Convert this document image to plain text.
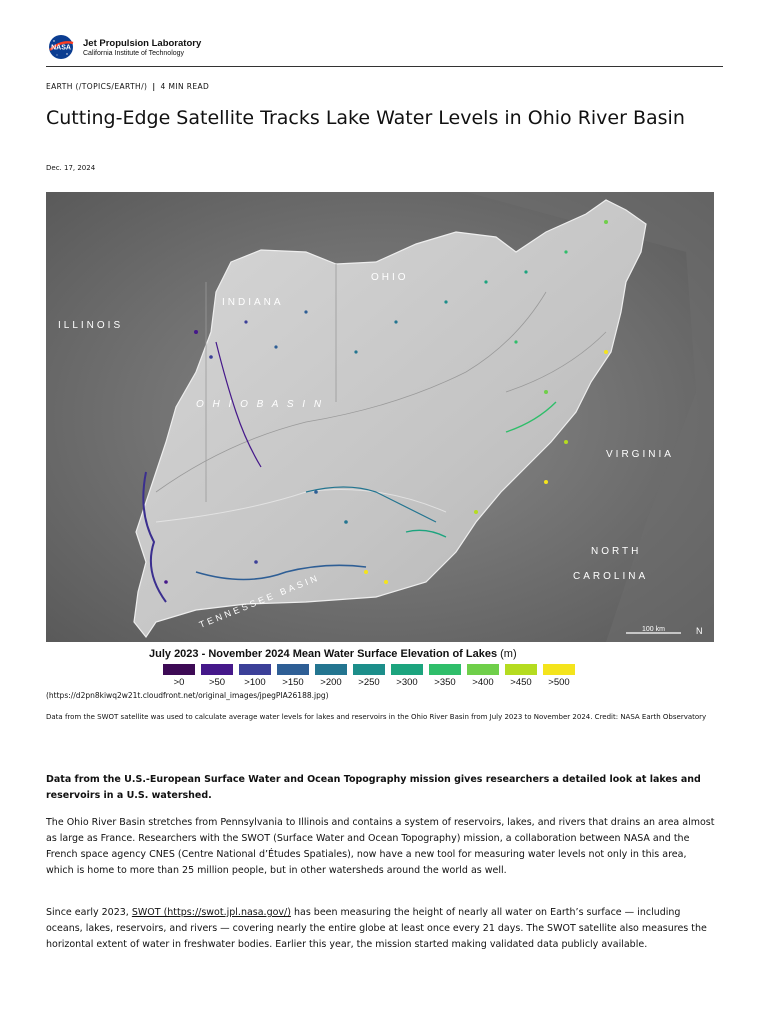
NASA Jet Propulsion Laboratory
California Institute of Technology
EARTH (/TOPICS/EARTH/) | 4 MIN READ
Cutting-Edge Satellite Tracks Lake Water Levels in Ohio River Basin
Dec. 17, 2024
OHIO
INDIANA
ILLINOIS
O H I O B A S I N
VIRGINIA
NORTH
CAROLINA
TENNESSEE BASIN	100 km	N
July 2023 - November 2024 Mean Water Surface Elevation of Lakes (m)
>0	>50 >100 >150 >200 >250 >300 >350 >400 >450 >500
(https://d2pn8kiwq2w21t.cloudfront.net/original_images/jpegPIA26188.jpg)
Data from the SWOT satellite was used to calculate average water levels for lakes and reservoirs in the Ohio River Basin from July 2023 to November 2024. Credit: NASA Earth Observatory

Data from the U.S.-European Surface Water and Ocean Topography mission gives researchers a detailed look at lakes and reservoirs in a U.S. watershed.

The Ohio River Basin stretches from Pennsylvania to Illinois and contains a system of reservoirs, lakes, and rivers that drains an area almost as large as France. Researchers with the SWOT (Surface Water and Ocean Topography) mission, a collaboration between NASA and the French space agency CNES (Centre National d’Études Spatiales), now have a new tool for measuring water levels not only in this area, which is home to more than 25 million people, but in other watersheds around the world as well.

Since early 2023, SWOT (https://swot.jpl.nasa.gov/) has been measuring the height of nearly all water on Earth’s surface — including oceans, lakes, reservoirs, and rivers — covering nearly the entire globe at least once every 21 days. The SWOT satellite also measures the horizontal extent of water in freshwater bodies. Earlier this year, the mission started making validated data publicly available.
